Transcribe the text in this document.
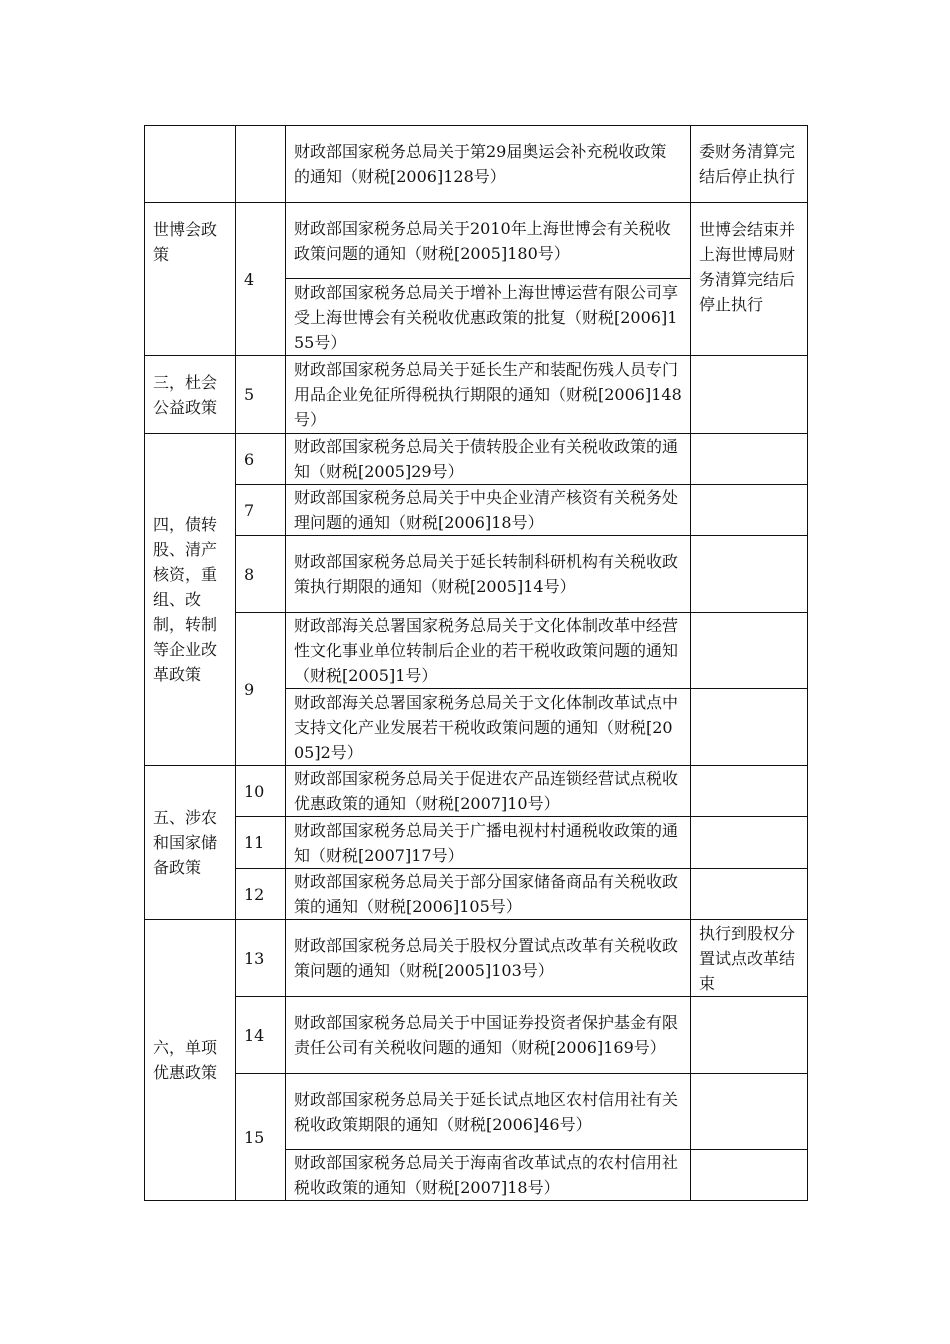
		财政部国家税务总局关于第29届奥运会补充税收政策的通知（财税[2006]128号）	委财务清算完结后停止执行
世博会政策	4	财政部国家税务总局关于2010年上海世博会有关税收政策问题的通知（财税[2005]180号）	世博会结束并上海世博局财务清算完结后停止执行
		财政部国家税务总局关于增补上海世博运营有限公司享受上海世博会有关税收优惠政策的批复（财税[2006]155号）	
三，杜会公益政策	5	财政部国家税务总局关于延长生产和装配伤残人员专门用品企业免征所得税执行期限的通知（财税[2006]148号）	
四，债转股、清产核资，重组、改制，转制等企业改革政策	6	财政部国家税务总局关于债转股企业有关税收政策的通知（财税[2005]29号）	
	7	财政部国家税务总局关于中央企业清产核资有关税务处理问题的通知（财税[2006]18号）	
	8	财政部国家税务总局关于延长转制科研机构有关税收政策执行期限的通知（财税[2005]14号）	
	9	财政部海关总署国家税务总局关于文化体制改革中经营性文化事业单位转制后企业的若干税收政策问题的通知（财税[2005]1号）	
		财政部海关总署国家税务总局关于文化体制改革试点中支持文化产业发展若干税收政策问题的通知（财税[2005]2号）	
五、涉农和国家储备政策	10	财政部国家税务总局关于促进农产品连锁经营试点税收优惠政策的通知（财税[2007]10号）	
	11	财政部国家税务总局关于广播电视村村通税收政策的通知（财税[2007]17号）	
	12	财政部国家税务总局关于部分国家储备商品有关税收政策的通知（财税[2006]105号）	
六，单项优惠政策	13	财政部国家税务总局关于股权分置试点改革有关税收政策问题的通知（财税[2005]103号）	执行到股权分置试点改革结束
	14	财政部国家税务总局关于中国证券投资者保护基金有限责任公司有关税收问题的通知（财税[2006]169号）	
	15	财政部国家税务总局关于延长试点地区农村信用社有关税收政策期限的通知（财税[2006]46号）	
		财政部国家税务总局关于海南省改革试点的农村信用社税收政策的通知（财税[2007]18号）	
